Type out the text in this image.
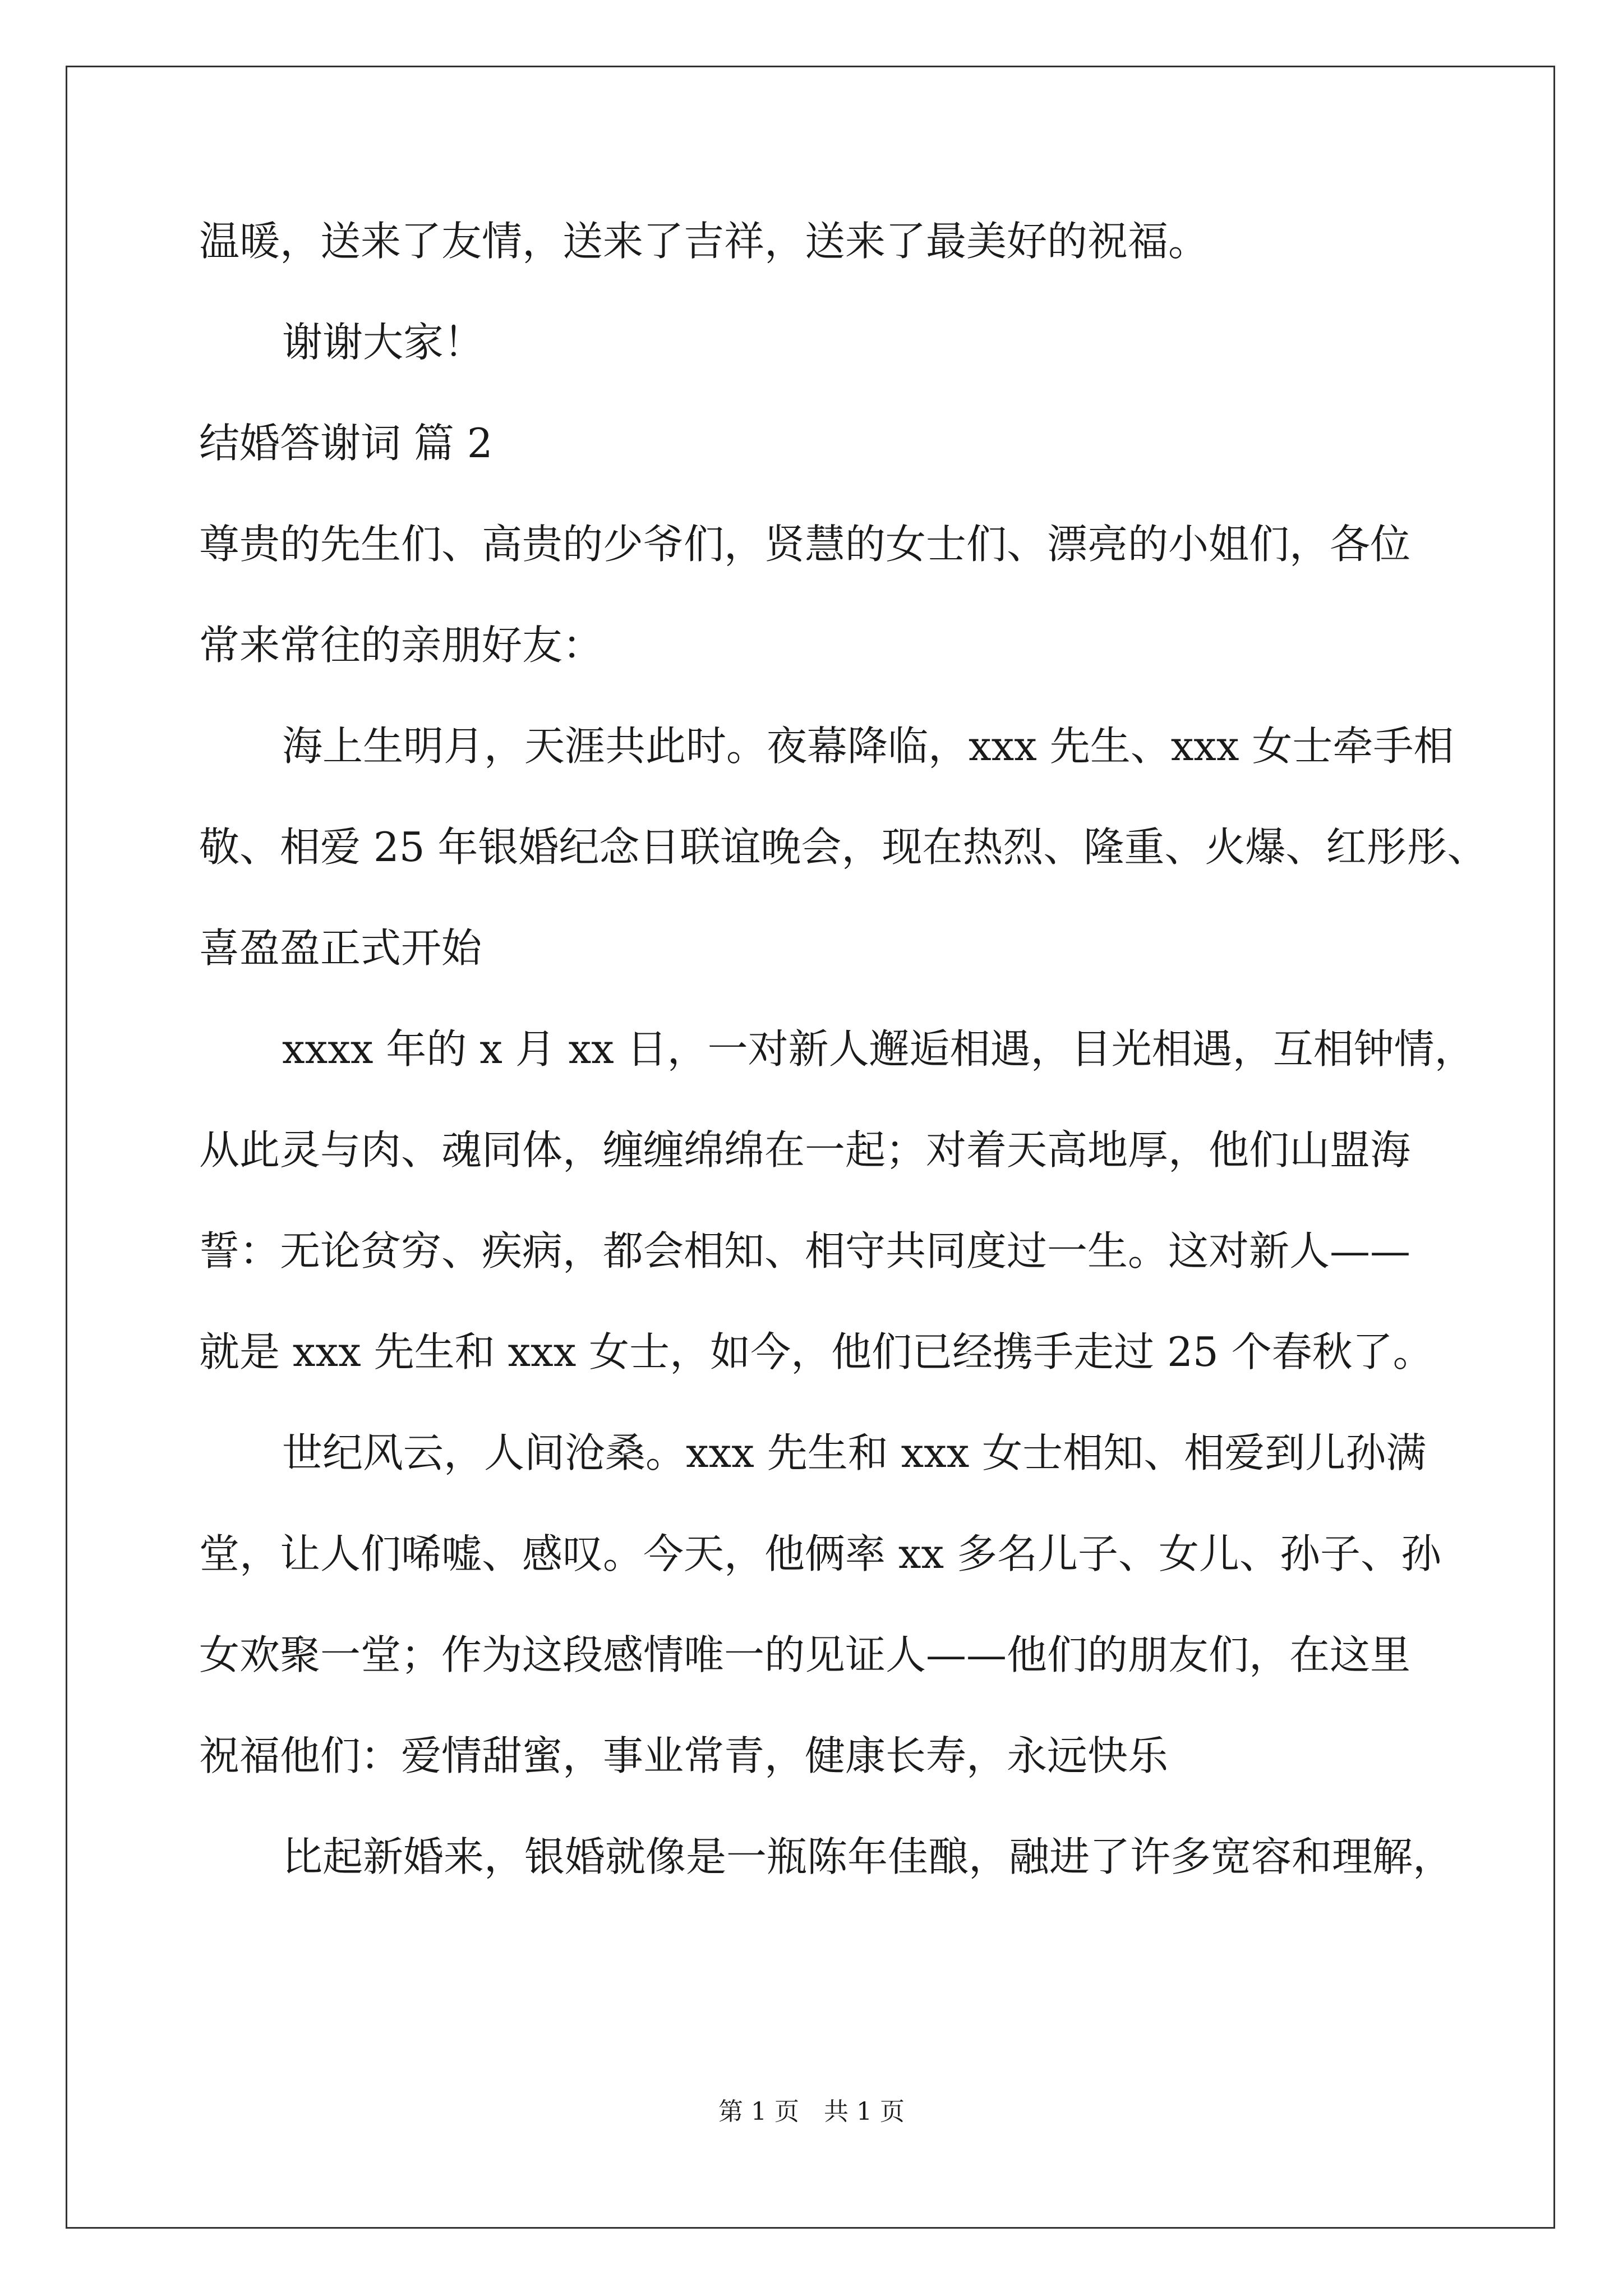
温暖，送来了友情，送来了吉祥，送来了最美好的祝福。
谢谢大家！
结婚答谢词 篇 2
尊贵的先生们、高贵的少爷们，贤慧的女士们、漂亮的小姐们，各位
常来常往的亲朋好友：
海上生明月，天涯共此时。夜幕降临，xxx 先生、xxx 女士牵手相
敬、相爱 25 年银婚纪念日联谊晚会，现在热烈、隆重、火爆、红彤彤、
喜盈盈正式开始
xxxx 年的 x 月 xx 日，一对新人邂逅相遇，目光相遇，互相钟情，
从此灵与肉、魂同体，缠缠绵绵在一起；对着天高地厚，他们山盟海
誓：无论贫穷、疾病，都会相知、相守共同度过一生。这对新人——
就是 xxx 先生和 xxx 女士，如今，他们已经携手走过 25 个春秋了。
世纪风云，人间沧桑。xxx 先生和 xxx 女士相知、相爱到儿孙满
堂，让人们唏嘘、感叹。今天，他俩率 xx 多名儿子、女儿、孙子、孙
女欢聚一堂；作为这段感情唯一的见证人——他们的朋友们，在这里
祝福他们：爱情甜蜜，事业常青，健康长寿，永远快乐
比起新婚来，银婚就像是一瓶陈年佳酿，融进了许多宽容和理解，
第 1 页　共 1 页
